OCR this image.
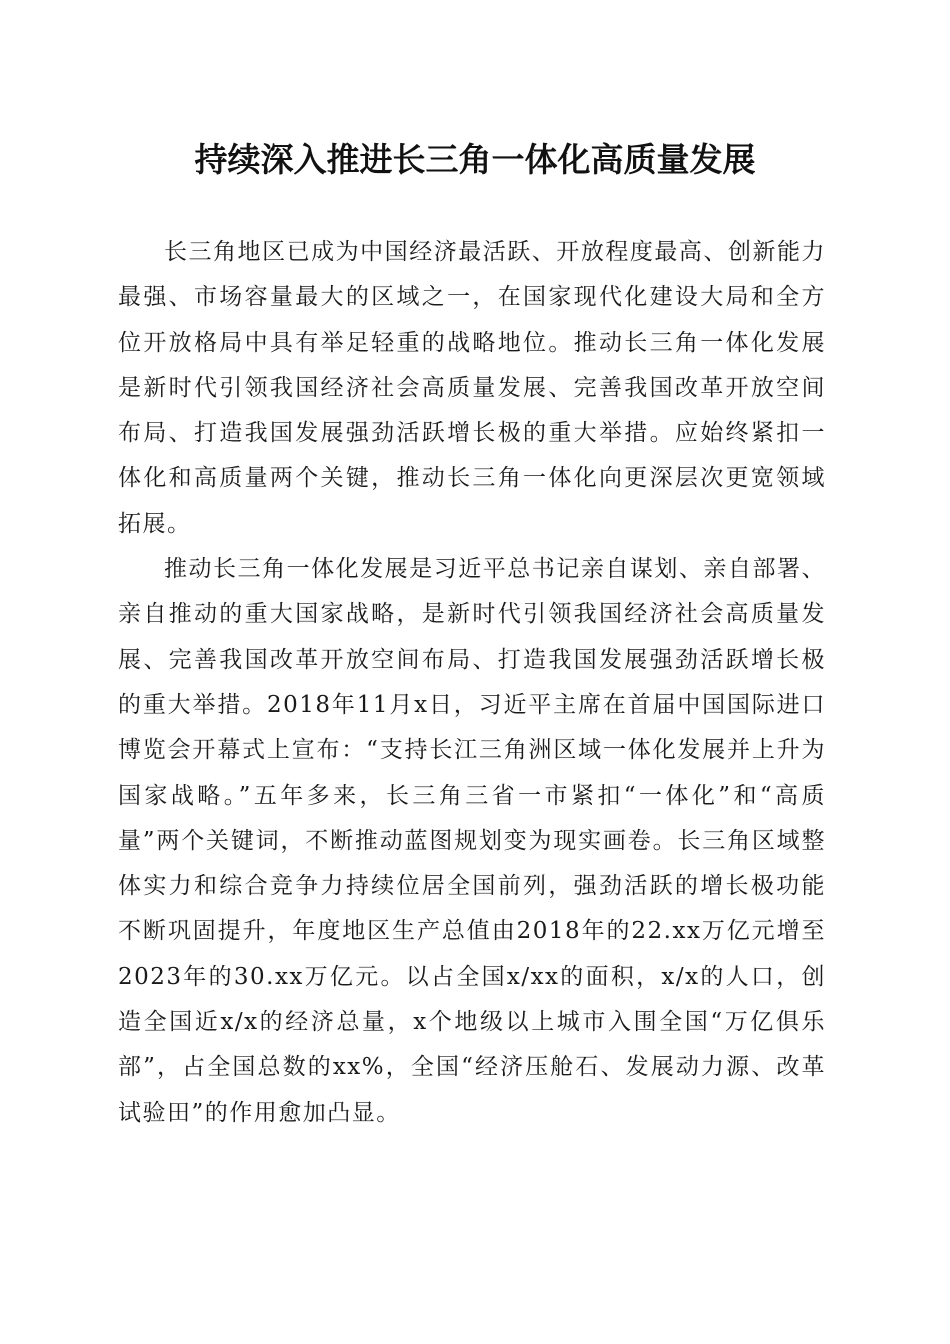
持续深入推进长三角一体化高质量发展

长三角地区已成为中国经济最活跃、开放程度最高、创新能力最强、市场容量最大的区域之一，在国家现代化建设大局和全方位开放格局中具有举足轻重的战略地位。推动长三角一体化发展是新时代引领我国经济社会高质量发展、完善我国改革开放空间布局、打造我国发展强劲活跃增长极的重大举措。应始终紧扣一体化和高质量两个关键，推动长三角一体化向更深层次更宽领域拓展。

推动长三角一体化发展是习近平总书记亲自谋划、亲自部署、亲自推动的重大国家战略，是新时代引领我国经济社会高质量发展、完善我国改革开放空间布局、打造我国发展强劲活跃增长极的重大举措。2018年11月x日，习近平主席在首届中国国际进口博览会开幕式上宣布：“支持长江三角洲区域一体化发展并上升为国家战略。”五年多来，长三角三省一市紧扣“一体化”和“高质量”两个关键词，不断推动蓝图规划变为现实画卷。长三角区域整体实力和综合竞争力持续位居全国前列，强劲活跃的增长极功能不断巩固提升，年度地区生产总值由2018年的22.xx万亿元增至2023年的30.xx万亿元。以占全国x/xx的面积，x/x的人口，创造全国近x/x的经济总量，x个地级以上城市入围全国“万亿俱乐部”，占全国总数的xx%，全国“经济压舱石、发展动力源、改革试验田”的作用愈加凸显。
